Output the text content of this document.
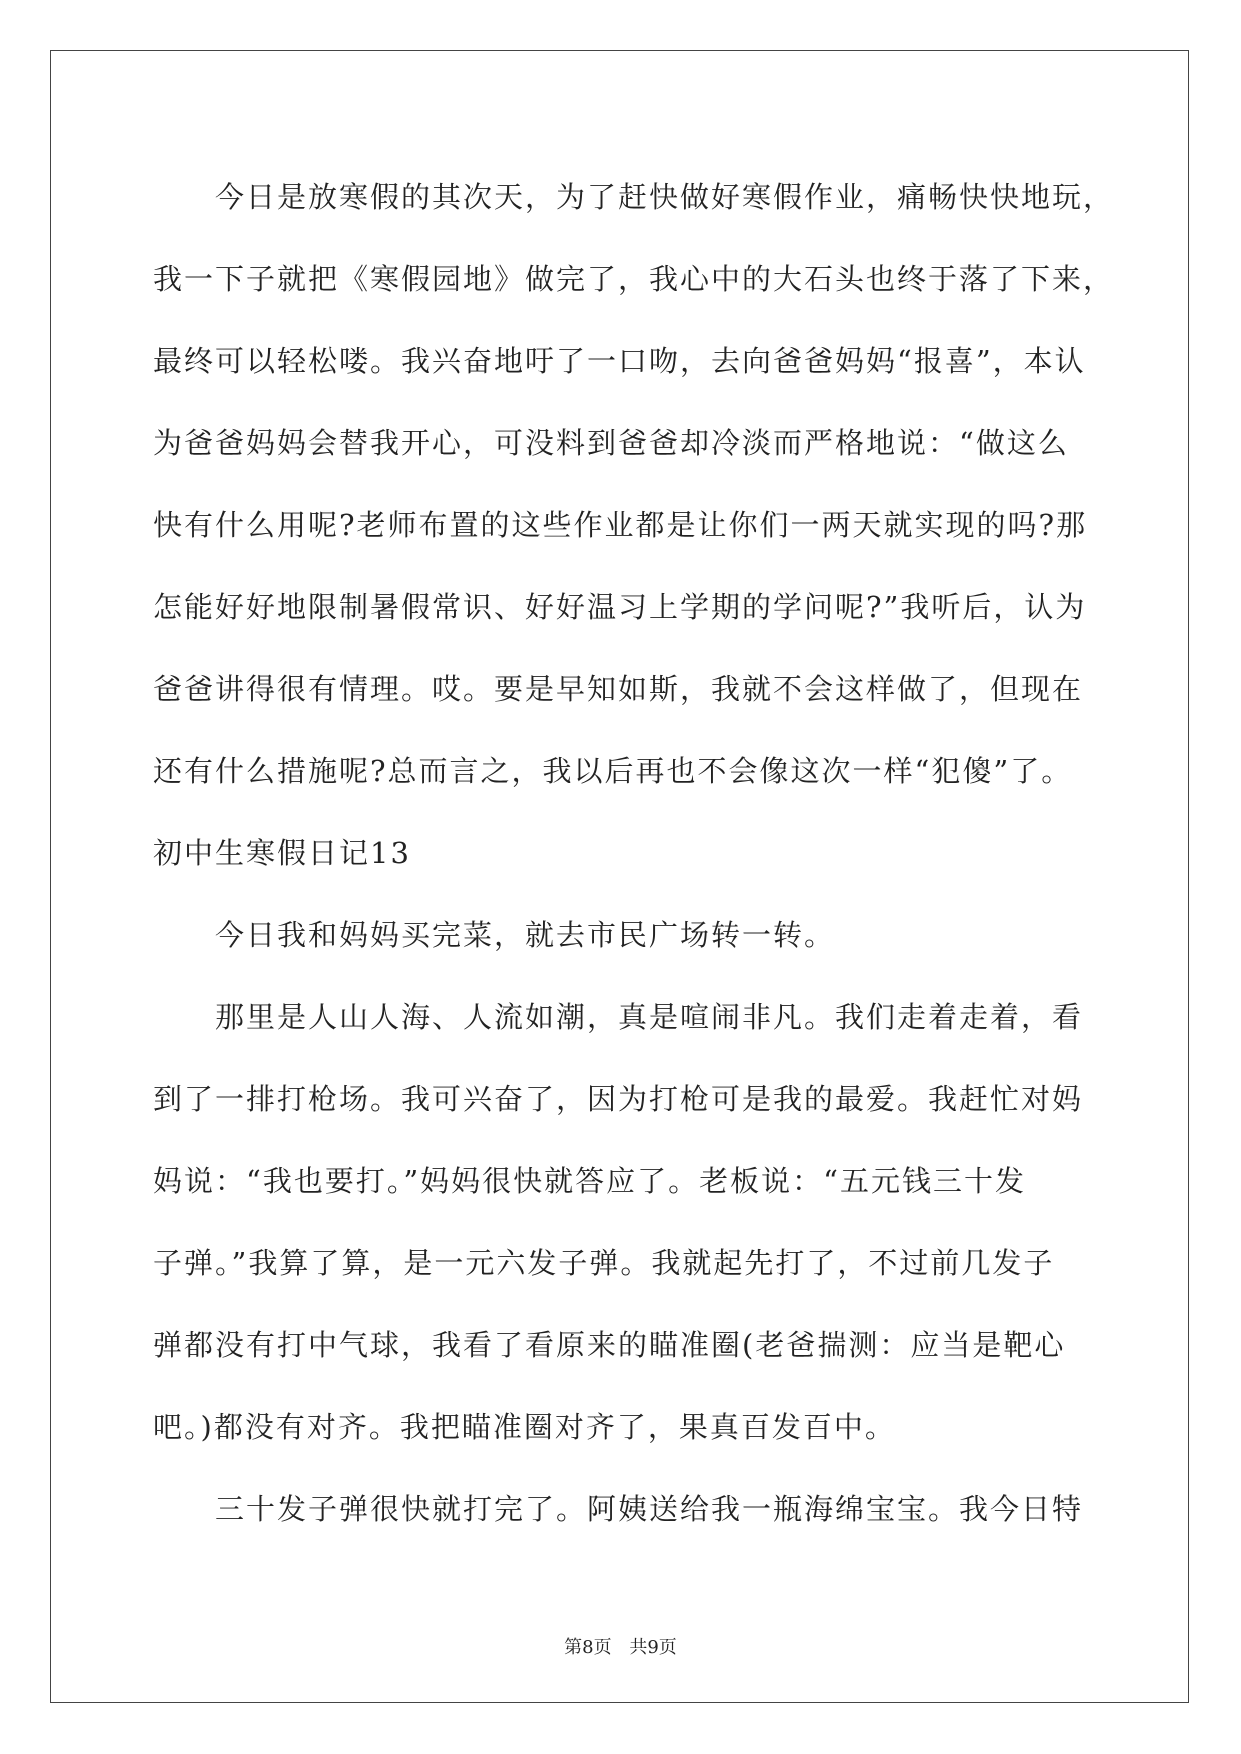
今日是放寒假的其次天，为了赶快做好寒假作业，痛畅快快地玩，
我一下子就把《寒假园地》做完了，我心中的大石头也终于落了下来，
最终可以轻松喽。我兴奋地吁了一口吻，去向爸爸妈妈“报喜”，本认
为爸爸妈妈会替我开心，可没料到爸爸却冷淡而严格地说：“做这么
快有什么用呢?老师布置的这些作业都是让你们一两天就实现的吗?那
怎能好好地限制暑假常识、好好温习上学期的学问呢?”我听后，认为
爸爸讲得很有情理。哎。要是早知如斯，我就不会这样做了，但现在
还有什么措施呢?总而言之，我以后再也不会像这次一样“犯傻”了。
初中生寒假日记13
今日我和妈妈买完菜，就去市民广场转一转。
那里是人山人海、人流如潮，真是喧闹非凡。我们走着走着，看
到了一排打枪场。我可兴奋了，因为打枪可是我的最爱。我赶忙对妈
妈说：“我也要打。”妈妈很快就答应了。老板说：“五元钱三十发
子弹。”我算了算，是一元六发子弹。我就起先打了，不过前几发子
弹都没有打中气球，我看了看原来的瞄准圈(老爸揣测：应当是靶心
吧。)都没有对齐。我把瞄准圈对齐了，果真百发百中。
三十发子弹很快就打完了。阿姨送给我一瓶海绵宝宝。我今日特
第8页 共9页
